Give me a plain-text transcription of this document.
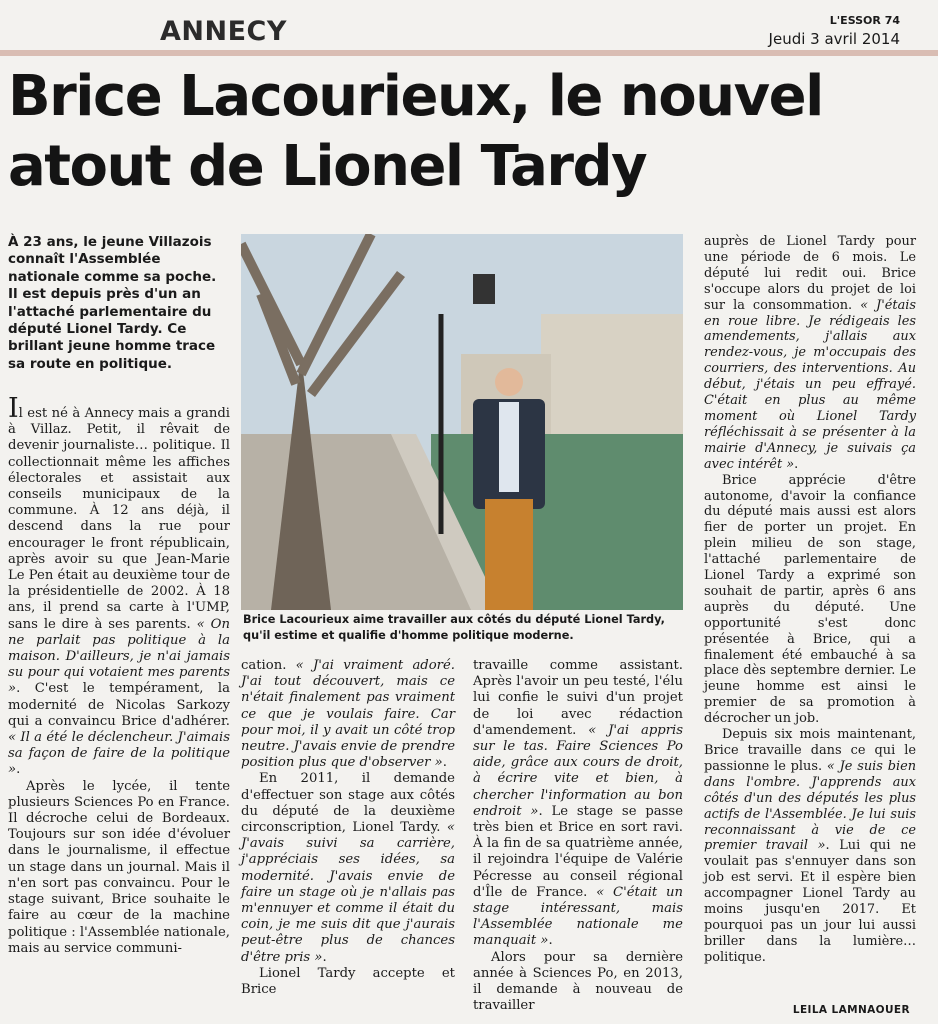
ANNECY	L'ESSOR 74
Jeudi 3 avril 2014
Brice Lacourieux, le nouvel
atout de Lionel Tardy

À 23 ans, le jeune Villazois connaît l'Assemblée nationale comme sa poche. Il est depuis près d'un an l'attaché parlementaire du député Lionel Tardy. Ce brillant jeune homme trace sa route en politique.

Il est né à Annecy mais a grandi à Villaz. Petit, il rêvait de devenir journaliste… politique. Il collectionnait même les affiches électorales et assistait aux conseils municipaux de la commune. À 12 ans déjà, il descend dans la rue pour encourager le front républicain, après avoir su que Jean-Marie Le Pen était au deuxième tour de la présidentielle de 2002. À 18 ans, il prend sa carte à l'UMP, sans le dire à ses parents. « On ne parlait pas politique à la maison. D'ailleurs, je n'ai jamais su pour qui votaient mes parents ». C'est le tempérament, la modernité de Nicolas Sarkozy qui a convaincu Brice d'adhérer. « Il a été le déclencheur. J'aimais sa façon de faire de la politique ».

Après le lycée, il tente plusieurs Sciences Po en France. Il décroche celui de Bordeaux. Toujours sur son idée d'évoluer dans le journalisme, il effectue un stage dans un journal. Mais il n'en sort pas convaincu. Pour le stage suivant, Brice souhaite le faire au cœur de la machine politique : l'Assemblée nationale, mais au service communi-

Brice Lacourieux aime travailler aux côtés du député Lionel Tardy, qu'il estime et qualifie d'homme politique moderne.

cation. « J'ai vraiment adoré. J'ai tout découvert, mais ce n'était finalement pas vraiment ce que je voulais faire. Car pour moi, il y avait un côté trop neutre. J'avais envie de prendre position plus que d'observer ».

En 2011, il demande d'effectuer son stage aux côtés du député de la deuxième circonscription, Lionel Tardy. « J'avais suivi sa carrière, j'appréciais ses idées, sa modernité. J'avais envie de faire un stage où je n'allais pas m'ennuyer et comme il était du coin, je me suis dit que j'aurais peut-être plus de chances d'être pris ».

Lionel Tardy accepte et Brice

travaille comme assistant. Après l'avoir un peu testé, l'élu lui confie le suivi d'un projet de loi avec rédaction d'amendement. « J'ai appris sur le tas. Faire Sciences Po aide, grâce aux cours de droit, à écrire vite et bien, à chercher l'information au bon endroit ». Le stage se passe très bien et Brice en sort ravi. À la fin de sa quatrième année, il rejoindra l'équipe de Valérie Pécresse au conseil régional d'Île de France. « C'était un stage intéressant, mais l'Assemblée nationale me manquait ».

Alors pour sa dernière année à Sciences Po, en 2013, il demande à nouveau de travailler

auprès de Lionel Tardy pour une période de 6 mois. Le député lui redit oui. Brice s'occupe alors du projet de loi sur la consommation. « J'étais en roue libre. Je rédigeais les amendements, j'allais aux rendez-vous, je m'occupais des courriers, des interventions. Au début, j'étais un peu effrayé. C'était en plus au même moment où Lionel Tardy réfléchissait à se présenter à la mairie d'Annecy, je suivais ça avec intérêt ».

Brice apprécie d'être autonome, d'avoir la confiance du député mais aussi est alors fier de porter un projet. En plein milieu de son stage, l'attaché parlementaire de Lionel Tardy a exprimé son souhait de partir, après 6 ans auprès du député. Une opportunité s'est donc présentée à Brice, qui a finalement été embauché à sa place dès septembre dernier. Le jeune homme est ainsi le premier de sa promotion à décrocher un job.

Depuis six mois maintenant, Brice travaille dans ce qui le passionne le plus. « Je suis bien dans l'ombre. J'apprends aux côtés d'un des députés les plus actifs de l'Assemblée. Je lui suis reconnaissant à vie de ce premier travail ». Lui qui ne voulait pas s'ennuyer dans son job est servi. Et il espère bien accompagner Lionel Tardy au moins jusqu'en 2017. Et pourquoi pas un jour lui aussi briller dans la lumière… politique.

LEILA LAMNAOUER
